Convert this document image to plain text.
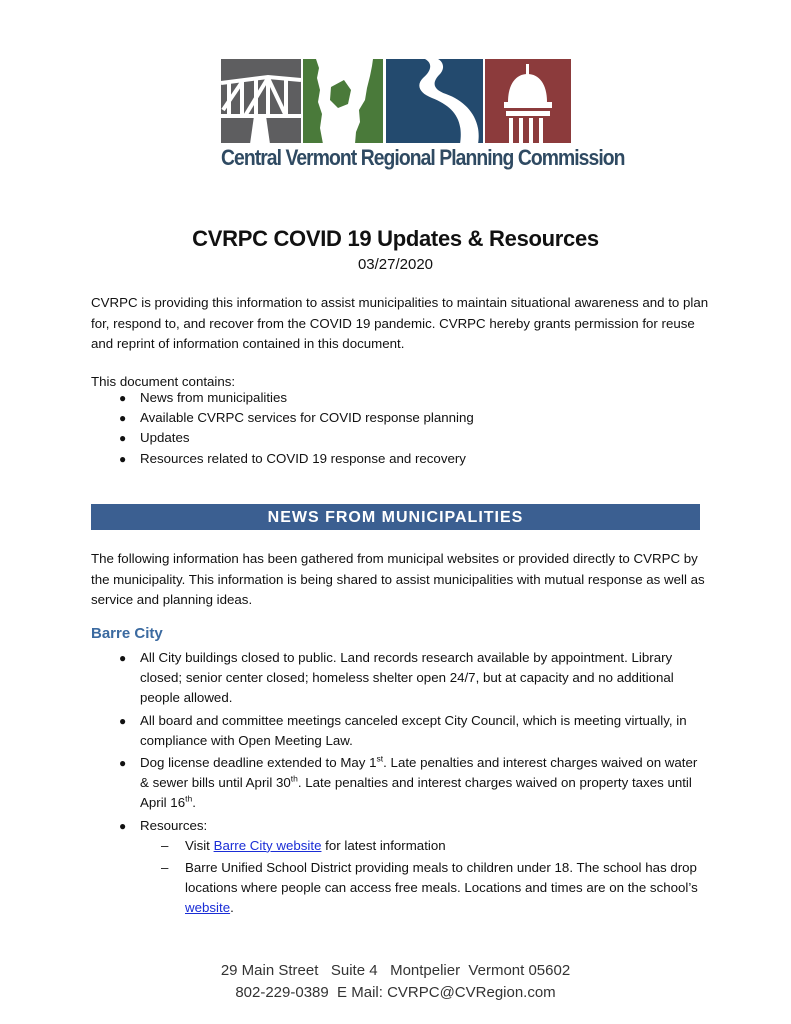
Central Vermont Regional Planning Commission
CVRPC COVID 19 Updates & Resources
03/27/2020
CVRPC is providing this information to assist municipalities to maintain situational awareness and to plan for, respond to, and recover from the COVID 19 pandemic. CVRPC hereby grants permission for reuse and reprint of information contained in this document.
This document contains:
● News from municipalities
● Available CVRPC services for COVID response planning
● Updates
● Resources related to COVID 19 response and recovery
NEWS FROM MUNICIPALITIES
The following information has been gathered from municipal websites or provided directly to CVRPC by the municipality. This information is being shared to assist municipalities with mutual response as well as service and planning ideas.
Barre City
● All City buildings closed to public. Land records research available by appointment. Library closed; senior center closed; homeless shelter open 24/7, but at capacity and no additional people allowed.
● All board and committee meetings canceled except City Council, which is meeting virtually, in compliance with Open Meeting Law.
● Dog license deadline extended to May 1st. Late penalties and interest charges waived on water & sewer bills until April 30th. Late penalties and interest charges waived on property taxes until April 16th.
● Resources:
– Visit Barre City website for latest information
– Barre Unified School District providing meals to children under 18. The school has drop locations where people can access free meals. Locations and times are on the school’s website.
29 Main Street   Suite 4   Montpelier  Vermont 05602
802-229-0389  E Mail: CVRPC@CVRegion.com
